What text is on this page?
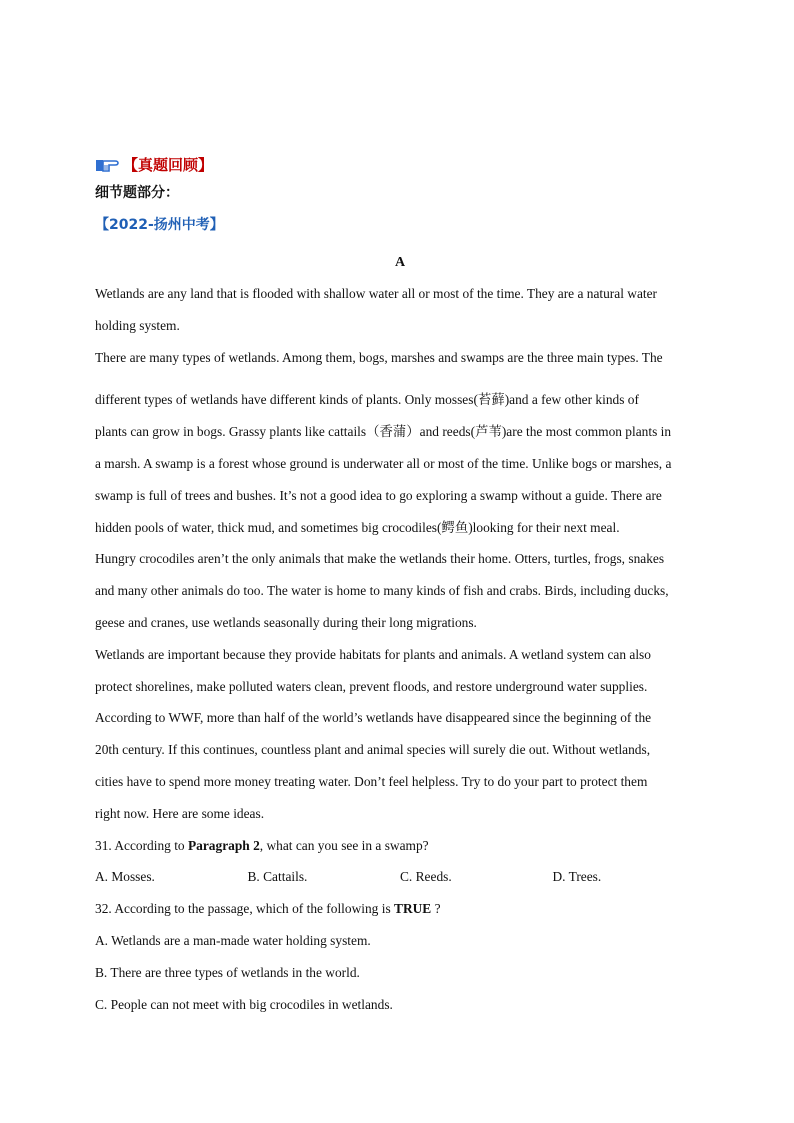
【真题回顾】
细节题部分：
【2022-扬州中考】
A

Wetlands are any land that is flooded with shallow water all or most of the time. They are a natural water

holding system.

There are many types of wetlands. Among them, bogs, marshes and swamps are the three main types. The

different types of wetlands have different kinds of plants. Only mosses(苔藓)and a few other kinds of

plants can grow in bogs. Grassy plants like cattails（香蒲）and reeds(芦苇)are the most common plants in

a marsh. A swamp is a forest whose ground is underwater all or most of the time. Unlike bogs or marshes, a

swamp is full of trees and bushes. It’s not a good idea to go exploring a swamp without a guide. There are

hidden pools of water, thick mud, and sometimes big crocodiles(鳄鱼)looking for their next meal.

Hungry crocodiles aren’t the only animals that make the wetlands their home. Otters, turtles, frogs, snakes

and many other animals do too. The water is home to many kinds of fish and crabs. Birds, including ducks,

geese and cranes, use wetlands seasonally during their long migrations.

Wetlands are important because they provide habitats for plants and animals. A wetland system can also

protect shorelines, make polluted waters clean, prevent floods, and restore underground water supplies.

According to WWF, more than half of the world’s wetlands have disappeared since the beginning of the

20th century. If this continues, countless plant and animal species will surely die out. Without wetlands,

cities have to spend more money treating water. Don’t feel helpless. Try to do your part to protect them

right now. Here are some ideas.

31. According to Paragraph 2, what can you see in a swamp?

A. Mosses.	B. Cattails.	C. Reeds.	D. Trees.

32. According to the passage, which of the following is TRUE ?

A. Wetlands are a man-made water holding system.

B. There are three types of wetlands in the world.

C. People can not meet with big crocodiles in wetlands.
